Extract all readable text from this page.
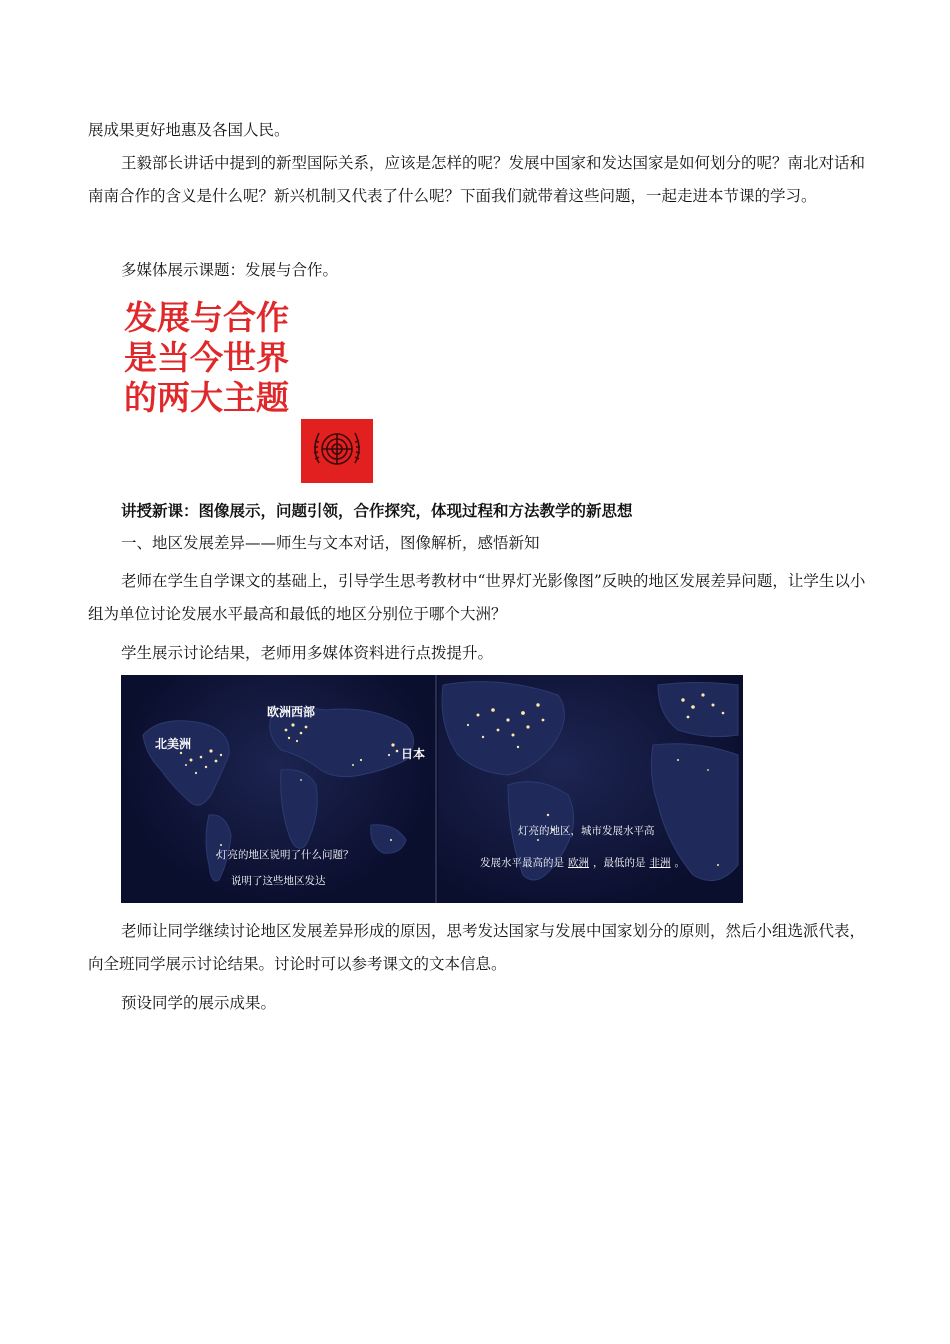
展成果更好地惠及各国人民。

王毅部长讲话中提到的新型国际关系，应该是怎样的呢？发展中国家和发达国家是如何划分的呢？南北对话和南南合作的含义是什么呢？新兴机制又代表了什么呢？下面我们就带着这些问题，一起走进本节课的学习。

多媒体展示课题：发展与合作。

发展与合作
是当今世界
的两大主题

讲授新课：图像展示，问题引领，合作探究，体现过程和方法教学的新思想

一、地区发展差异——师生与文本对话，图像解析，感悟新知

老师在学生自学课文的基础上，引导学生思考教材中“世界灯光影像图”反映的地区发展差异问题，让学生以小组为单位讨论发展水平最高和最低的地区分别位于哪个大洲？

学生展示讨论结果，老师用多媒体资料进行点拨提升。

欧洲西部
北美洲
日本
灯亮的地区说明了什么问题？
说明了这些地区发达
灯亮的地区，城市发展水平高
发展水平最高的是 欧洲 ，最低的是 非洲 。

老师让同学继续讨论地区发展差异形成的原因，思考发达国家与发展中国家划分的原则，然后小组选派代表，向全班同学展示讨论结果。讨论时可以参考课文的文本信息。

预设同学的展示成果。
